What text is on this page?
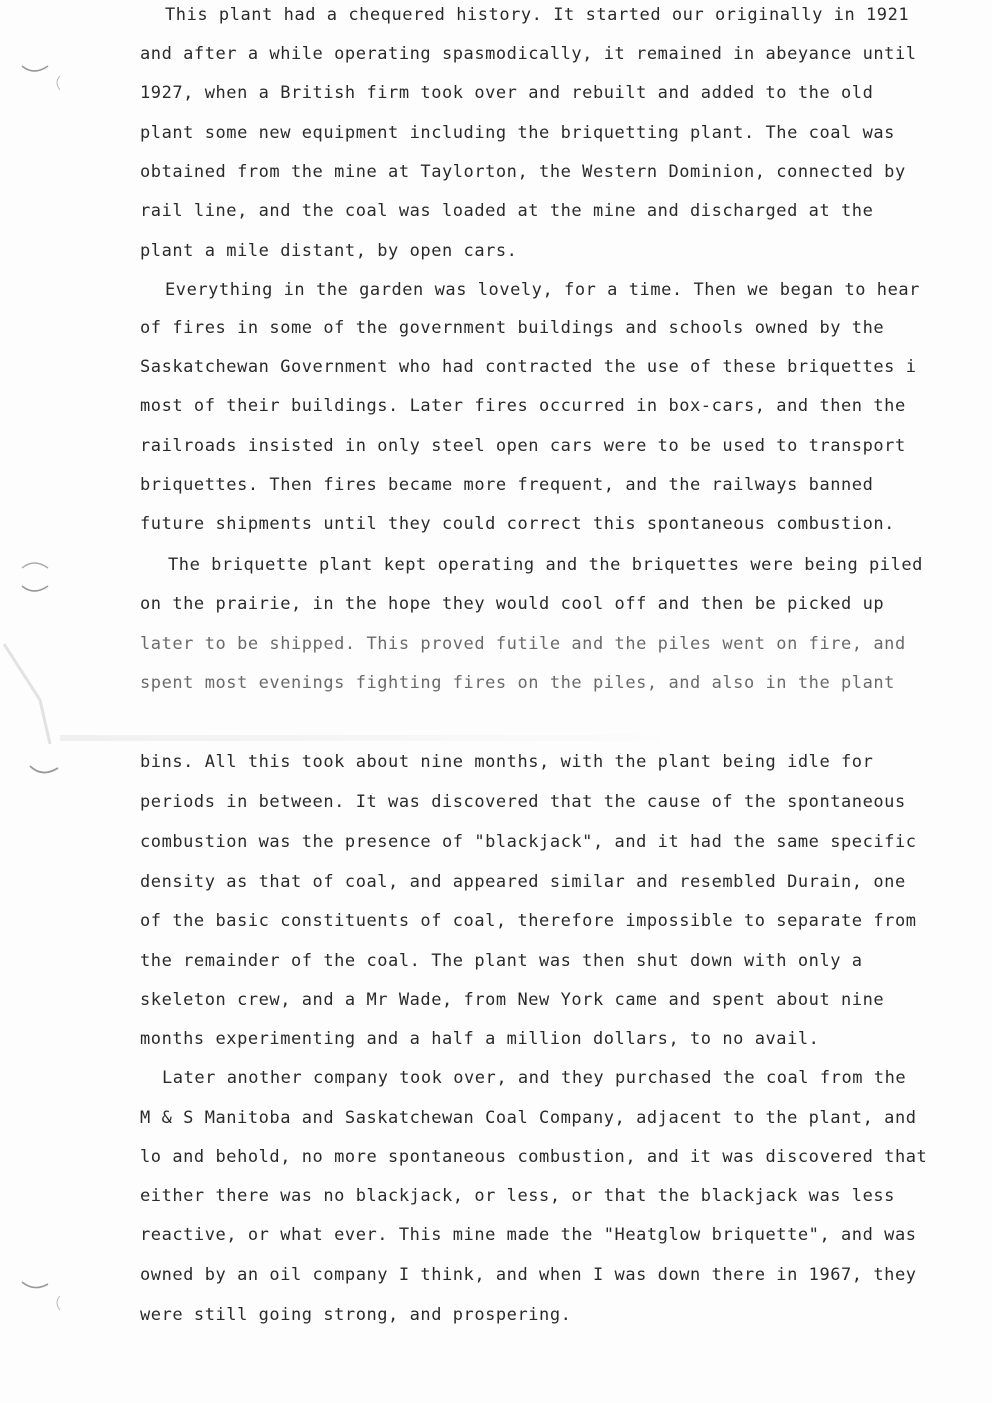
This plant had a chequered history. It started our originally in 1921
and after a while operating spasmodically, it remained in abeyance until
1927, when a British firm took over and rebuilt and added to the old
plant some new equipment including the briquetting plant. The coal was
obtained from the mine at Taylorton, the Western Dominion, connected by
rail line, and the coal was loaded at the mine and discharged at the
plant a mile distant, by open cars.
Everything in the garden was lovely, for a time. Then we began to hear
of fires in some of the government buildings and schools owned by the
Saskatchewan Government who had contracted the use of these briquettes i
most of their buildings. Later fires occurred in box-cars, and then the
railroads insisted in only steel open cars were to be used to transport
briquettes. Then fires became more frequent, and the railways banned
future shipments until they could correct this spontaneous combustion.
The briquette plant kept operating and the briquettes were being piled
on the prairie, in the hope they would cool off and then be picked up
later to be shipped. This proved futile and the piles went on fire, and
spent most evenings fighting fires on the piles, and also in the plant
bins. All this took about nine months, with the plant being idle for
periods in between. It was discovered that the cause of the spontaneous
combustion was the presence of "blackjack", and it had the same specific
density as that of coal, and appeared similar and resembled Durain, one
of the basic constituents of coal, therefore impossible to separate from
the remainder of the coal. The plant was then shut down with only a
skeleton crew, and a Mr Wade, from New York came and spent about nine
months experimenting and a half a million dollars, to no avail.
Later another company took over, and they purchased the coal from the
M & S Manitoba and Saskatchewan Coal Company, adjacent to the plant, and
lo and behold, no more spontaneous combustion, and it was discovered that
either there was no blackjack, or less, or that the blackjack was less
reactive, or what ever. This mine made the "Heatglow briquette", and was
owned by an oil company I think, and when I was down there in 1967, they
were still going strong, and prospering.
